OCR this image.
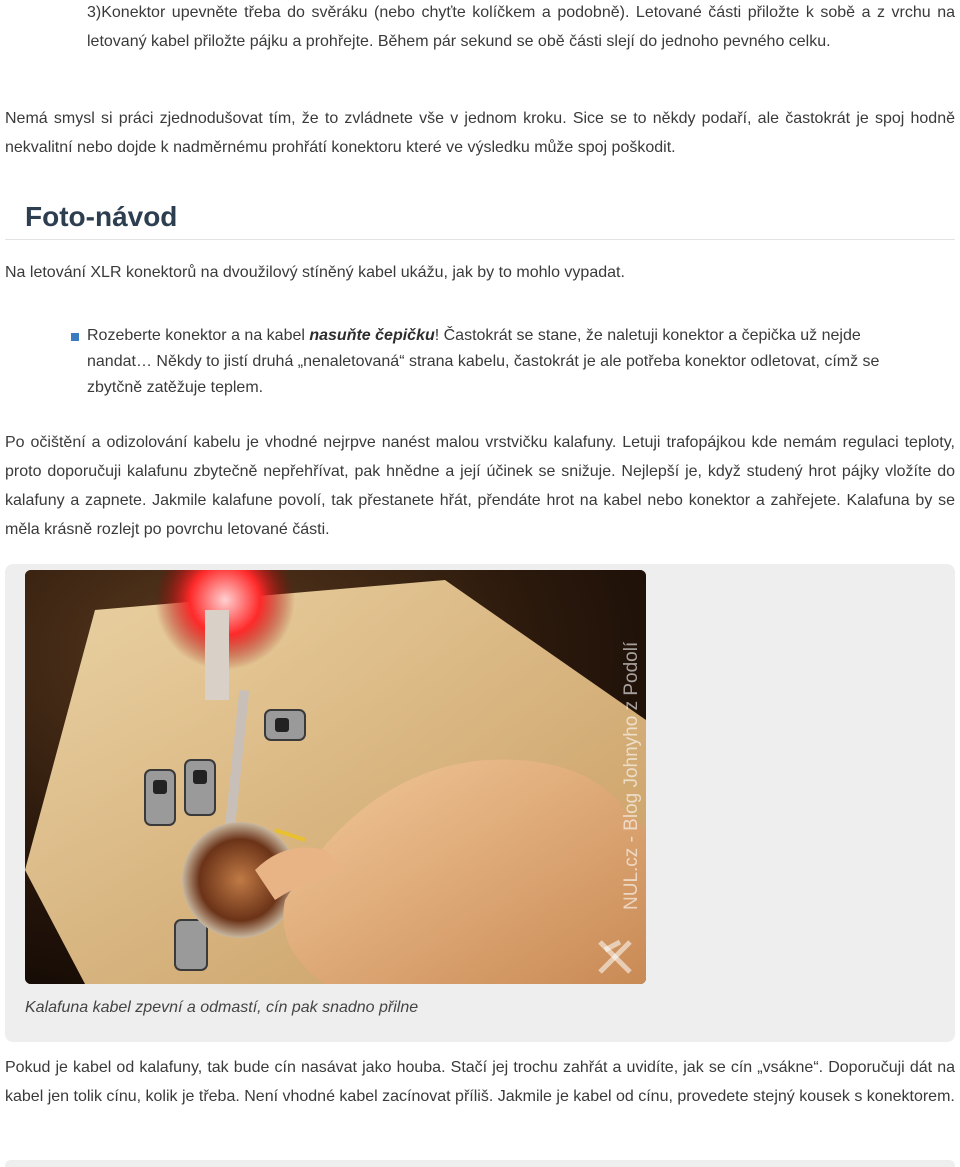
3)Konektor upevněte třeba do svěráku (nebo chyťte kolíčkem a podobně). Letované části přiložte k sobě a z vrchu na letovaný kabel přiložte pájku a prohřejte. Během pár sekund se obě části slejí do jednoho pevného celku.

Nemá smysl si práci zjednodušovat tím, že to zvládnete vše v jednom kroku. Sice se to někdy podaří, ale častokrát je spoj hodně nekvalitní nebo dojde k nadměrnému prohřátí konektoru které ve výsledku může spoj poškodit.

Foto-návod

Na letování XLR konektorů na dvoužilový stíněný kabel ukážu, jak by to mohlo vypadat.

Rozeberte konektor a na kabel nasuňte čepičku! Častokrát se stane, že naletuji konektor a čepička už nejde nandat… Někdy to jistí druhá „nenaletovaná“ strana kabelu, častokrát je ale potřeba konektor odletovat, címž se zbytčně zatěžuje teplem.

Po očištění a odizolování kabelu je vhodné nejrpve nanést malou vrstvičku kalafuny. Letuji trafopájkou kde nemám regulaci teploty, proto doporučuji kalafunu zbytečně nepřehřívat, pak hnědne a její účinek se snižuje. Nejlepší je, když studený hrot pájky vložíte do kalafuny a zapnete. Jakmile kalafune povolí, tak přestanete hřát, přendáte hrot na kabel nebo konektor a zahřejete. Kalafuna by se měla krásně rozlejt po povrchu letované části.

NUL.cz - Blog Johnyho z Podolí

Kalafuna kabel zpevní a odmastí, cín pak snadno přilne

Pokud je kabel od kalafuny, tak bude cín nasávat jako houba. Stačí jej trochu zahřát a uvidíte, jak se cín „vsákne“. Doporučuji dát na kabel jen tolik cínu, kolik je třeba. Není vhodné kabel zacínovat příliš. Jakmile je kabel od cínu, provedete stejný kousek s konektorem.
